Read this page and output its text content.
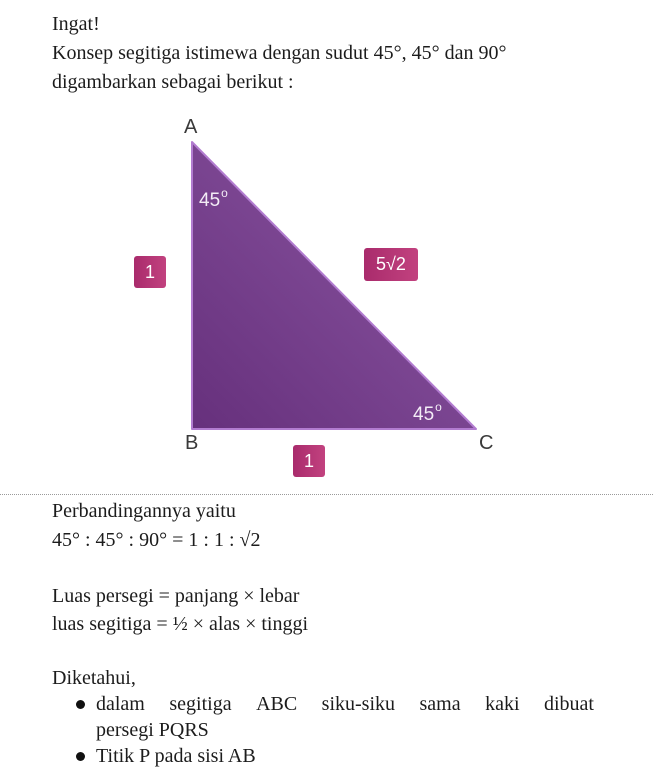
Ingat!
Konsep segitiga istimewa dengan sudut 45°, 45° dan 90°
digambarkan sebagai berikut :
A
B	C
45$^o$
45$^o$
1	5√2
1
Perbandingannya yaitu
45° : 45° : 90° = 1 : 1 : √2
Luas persegi = panjang × lebar
luas segitiga = ½ × alas × tinggi
Diketahui,
dalam segitiga ABC siku-siku sama kaki dibuat
persegi PQRS
Titik P pada sisi AB
